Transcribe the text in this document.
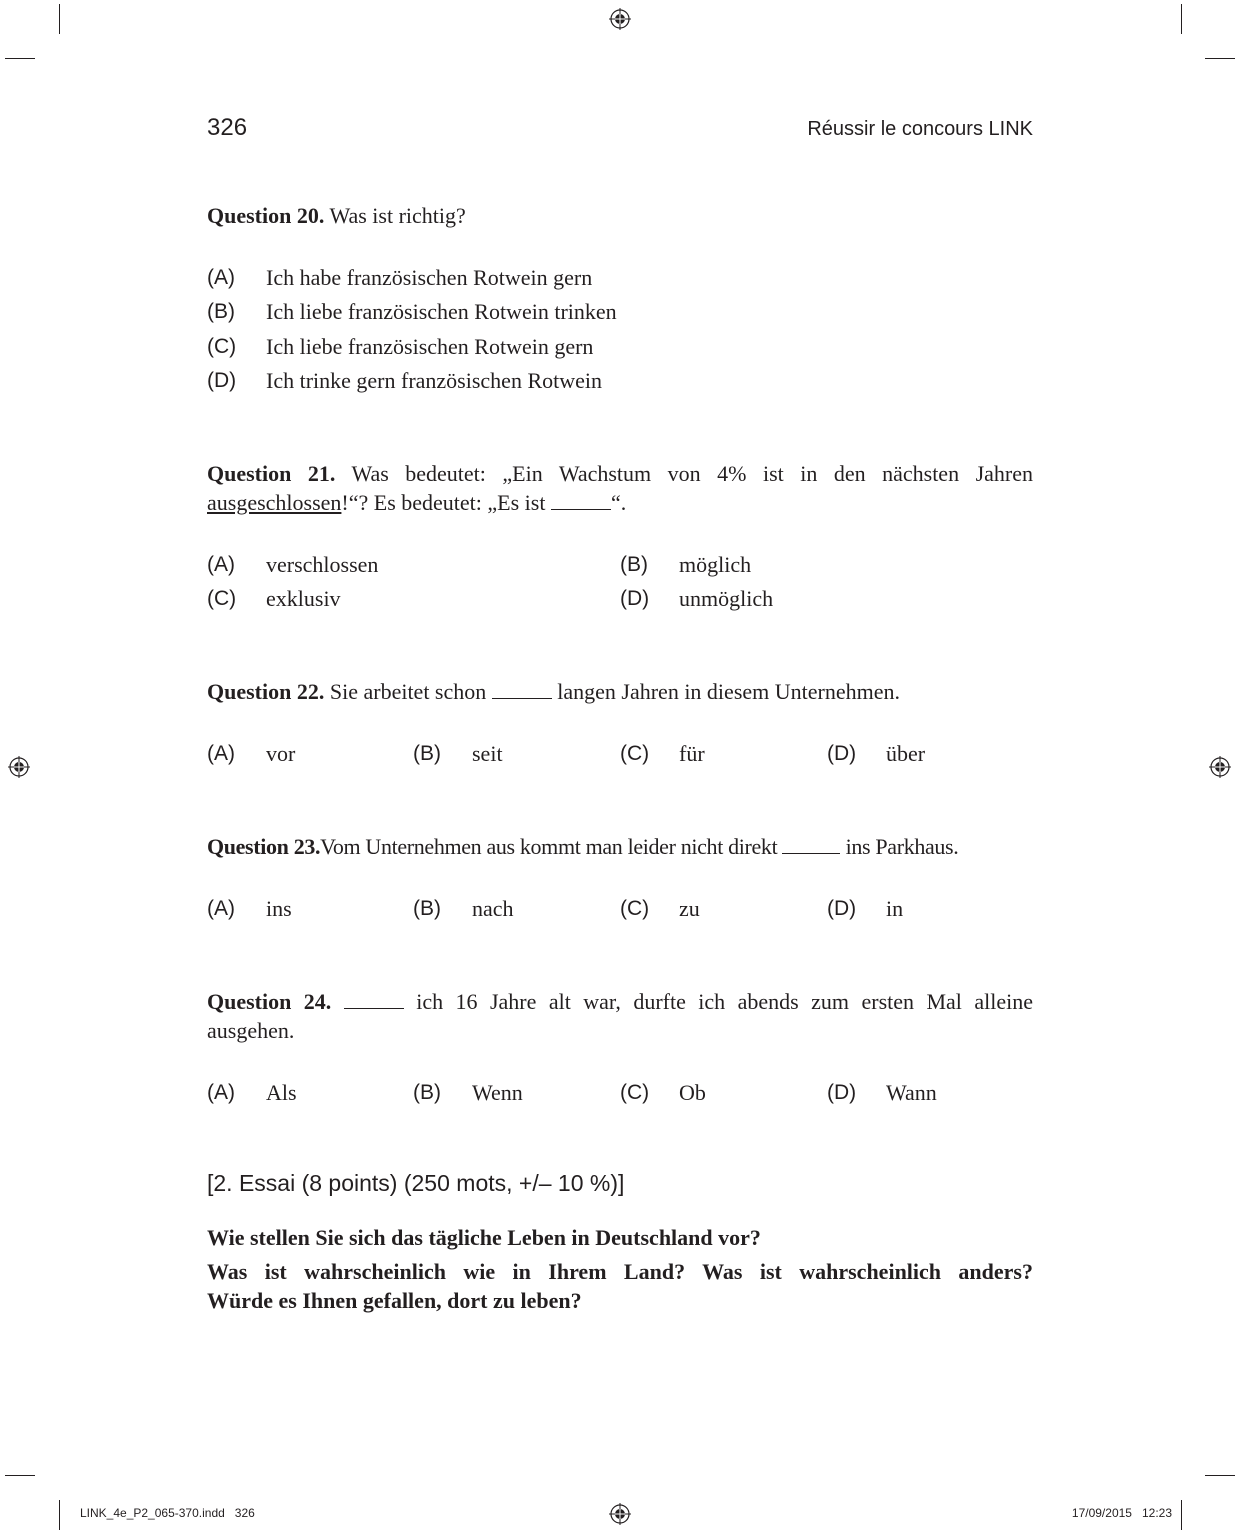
326	Réussir le concours LINK
Question 20. Was ist richtig?
(A) Ich habe französischen Rotwein gern
(B) Ich liebe französischen Rotwein trinken
(C) Ich liebe französischen Rotwein gern
(D) Ich trinke gern französischen Rotwein
Question 21. Was bedeutet: „Ein Wachstum von 4% ist in den nächsten Jahren
ausgeschlossen!“? Es bedeutet: „Es ist	“.
(A) verschlossen	(B) möglich
(C) exklusiv	(D) unmöglich
Question 22. Sie arbeitet schon	langen Jahren in diesem Unternehmen.
(A) vor	(B) seit	(C) für	(D) über
Question 23.Vom Unternehmen aus kommt man leider nicht direkt	ins Parkhaus.
(A) ins	(B) nach	(C) zu	(D) in
Question 24.	ich 16 Jahre alt war, durfte ich abends zum ersten Mal alleine
ausgehen.
(A) Als	(B) Wenn	(C) Ob	(D) Wann
[2. Essai (8 points) (250 mots, +/– 10 %)]
Wie stellen Sie sich das tägliche Leben in Deutschland vor?
Was ist wahrscheinlich wie in Ihrem Land? Was ist wahrscheinlich anders?
Würde es Ihnen gefallen, dort zu leben?
LINK_4e_P2_065-370.indd   326	17/09/2015   12:23
